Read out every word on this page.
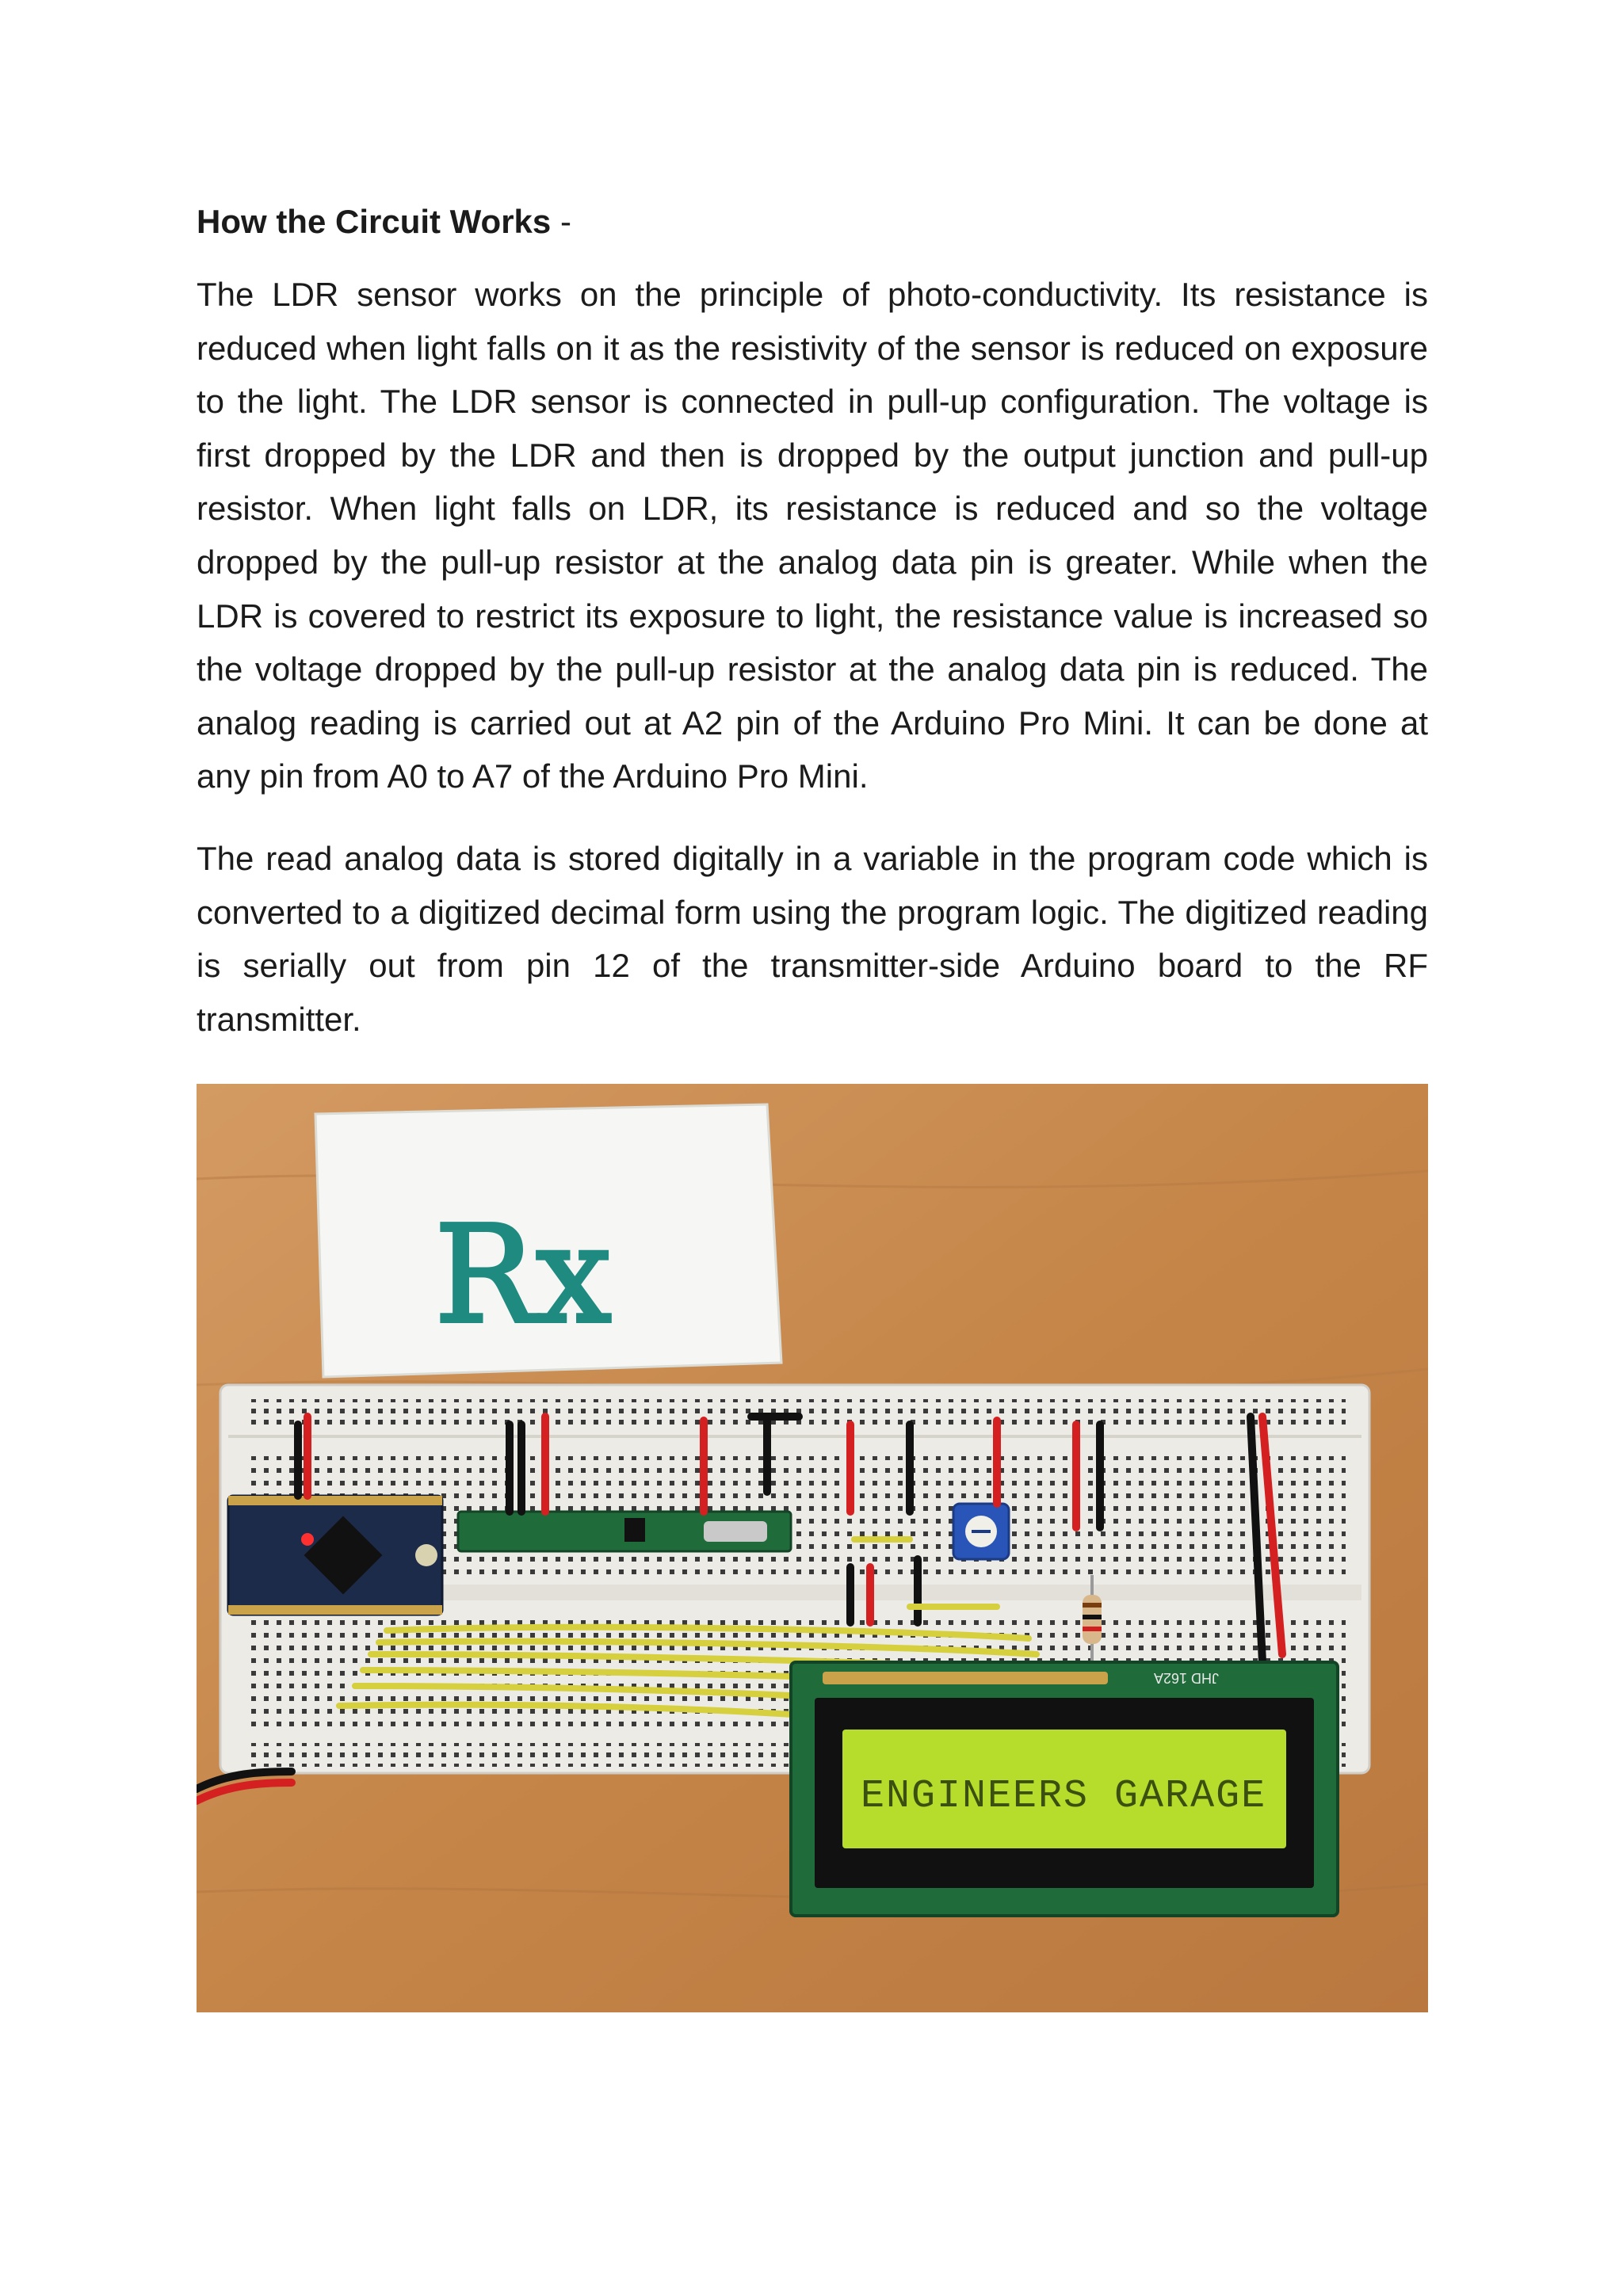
How the Circuit Works -

The LDR sensor works on the principle of photo-conductivity. Its resistance is reduced when light falls on it as the resistivity of the sensor is reduced on exposure to the light. The LDR sensor is connected in pull-up configuration. The voltage is first dropped by the LDR and then is dropped by the output junction and pull-up resistor. When light falls on LDR, its resistance is reduced and so the voltage dropped by the pull-up resistor at the analog data pin is greater. While when the LDR is covered to restrict its exposure to light, the resistance value is increased so the voltage dropped by the pull-up resistor at the analog data pin is reduced. The analog reading is carried out at A2 pin of the Arduino Pro Mini. It can be done at any pin from A0 to A7 of the Arduino Pro Mini.

The read analog data is stored digitally in a variable in the program code which is converted to a digitized decimal form using the program logic. The digitized reading is serially out from pin 12 of the transmitter-side Arduino board to the RF transmitter.

Rx
JHD 162A
ENGINEERS GARAGE
